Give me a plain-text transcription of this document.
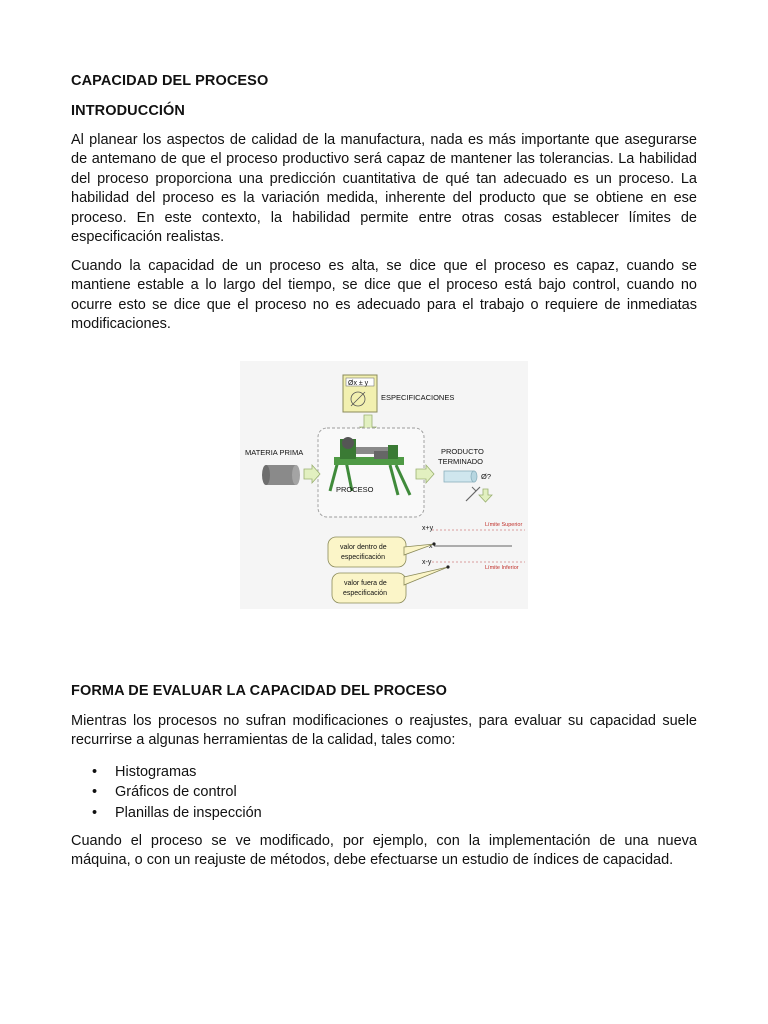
CAPACIDAD DEL PROCESO
INTRODUCCIÓN

Al planear los aspectos de calidad de la manufactura, nada es más importante que asegurarse de antemano de que el proceso productivo será capaz de mantener las tolerancias. La habilidad del proceso proporciona una predicción cuantitativa de qué tan adecuado es un proceso. La habilidad del proceso es la variación medida, inherente del producto que se obtiene en ese proceso. En este contexto, la habilidad permite entre otras cosas establecer límites de especificación realistas.

Cuando la capacidad de un proceso es alta, se dice que el proceso es capaz, cuando se mantiene estable a lo largo del tiempo, se dice que el proceso está bajo control, cuando no ocurre esto se dice que el proceso no es adecuado para el trabajo o requiere de inmediatas modificaciones.

FORMA DE EVALUAR LA CAPACIDAD DEL PROCESO

Mientras los procesos no sufran modificaciones o reajustes, para evaluar su capacidad suele recurrirse a algunas herramientas de la calidad, tales como:

• Histogramas
• Gráficos de control
• Planillas de inspección

Cuando el proceso se ve modificado, por ejemplo, con la implementación de una nueva máquina, o con un reajuste de métodos, debe efectuarse un estudio de índices de capacidad.

Øx ± y
ESPECIFICACIONES
PROCESO
MATERIA PRIMA	PRODUCTO
TERMINADO
Ø?
x+y	Límite Superior
x
x-y
Límite Inferior
valor dentro de
especificación
valor fuera de
especificación
